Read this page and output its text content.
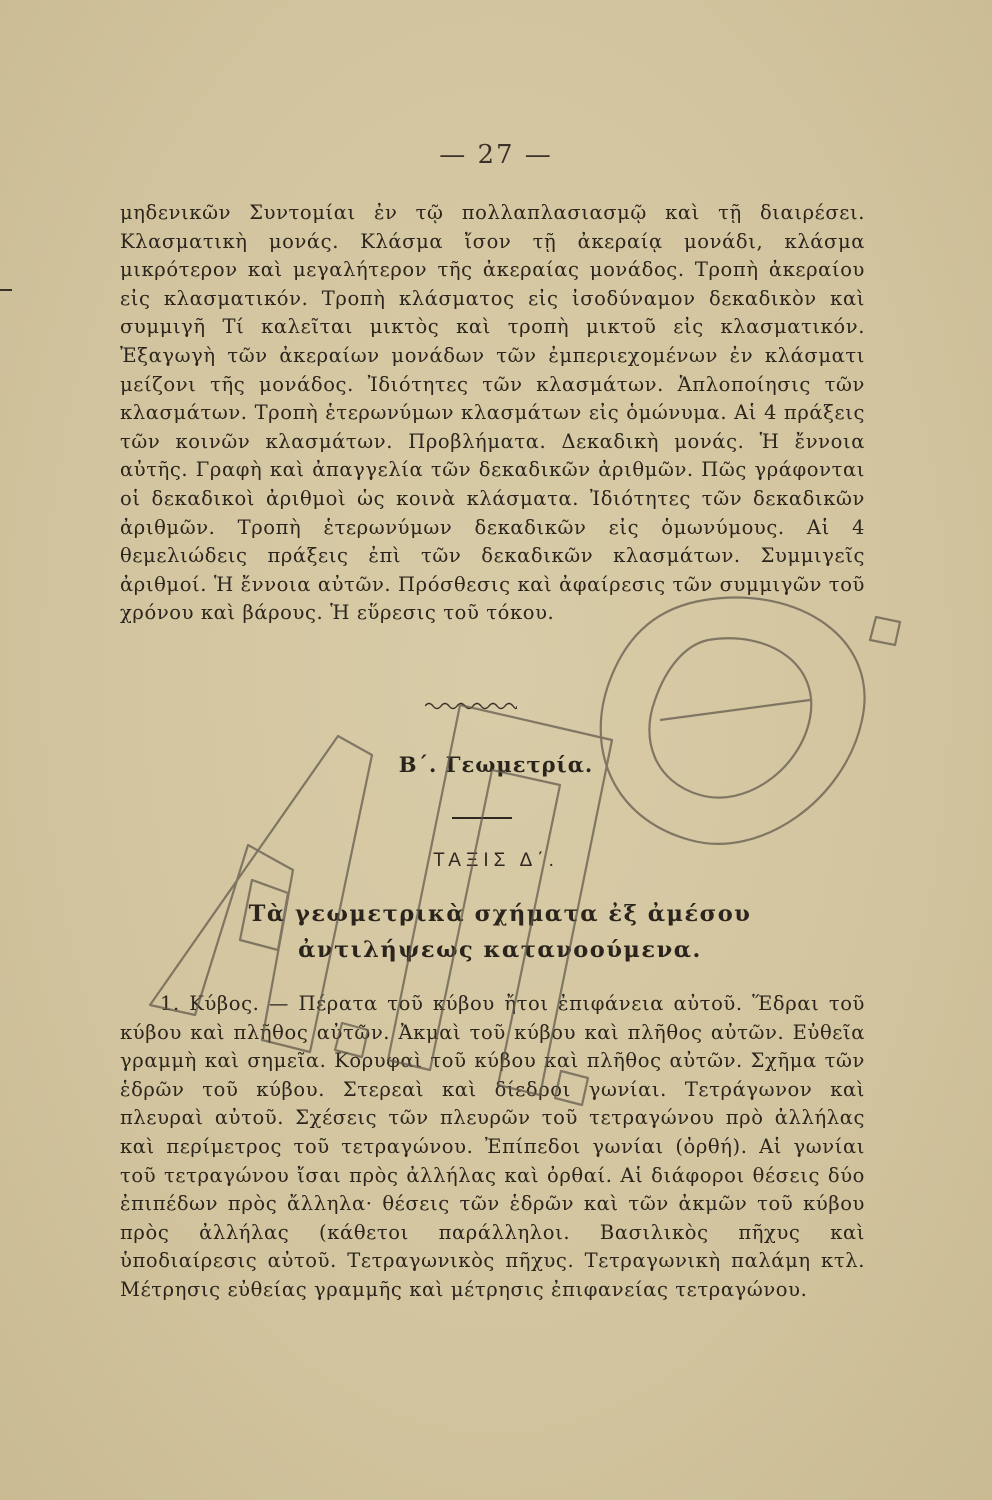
— 27 —
μηδενικῶν Συντομίαι ἐν τῷ πολλαπλασιασμῷ καὶ τῇ διαιρέσει. Κλασματικὴ μονάς. Κλάσμα ἴσον τῇ ἀκεραίᾳ μονάδι, κλάσμα μικρότερον καὶ μεγαλήτερον τῆς ἀκεραίας μονάδος. Τροπὴ ἀκεραίου εἰς κλασματικόν. Τροπὴ κλάσματος εἰς ἰσοδύναμον δεκαδικὸν καὶ συμμιγῆ Τί καλεῖται μικτὸς καὶ τροπὴ μικτοῦ εἰς κλασματικόν. Ἐξαγωγὴ τῶν ἀκεραίων μονάδων τῶν ἐμπεριεχομένων ἐν κλάσματι μείζονι τῆς μονάδος. Ἰδιότητες τῶν κλασμάτων. Ἁπλοποίησις τῶν κλασμάτων. Τροπὴ ἑτερωνύμων κλασμάτων εἰς ὁμώνυμα. Αἱ 4 πράξεις τῶν κοινῶν κλασμάτων. Προβλήματα. Δεκαδικὴ μονάς. Ἡ ἔννοια αὐτῆς. Γραφὴ καὶ ἀπαγγελία τῶν δεκαδικῶν ἀριθμῶν. Πῶς γράφονται οἱ δεκαδικοὶ ἀριθμοὶ ὡς κοινὰ κλάσματα. Ἰδιότητες τῶν δεκαδικῶν ἀριθμῶν. Τροπὴ ἑτερωνύμων δεκαδικῶν εἰς ὁμωνύμους. Αἱ 4 θεμελιώδεις πράξεις ἐπὶ τῶν δεκαδικῶν κλασμάτων. Συμμιγεῖς ἀριθμοί. Ἡ ἔννοια αὐτῶν. Πρόσθεσις καὶ ἀφαίρεσις τῶν συμμιγῶν τοῦ χρόνου καὶ βάρους. Ἡ εὕρεσις τοῦ τόκου.
Β΄. Γεωμετρία.
ΤΑΞΙΣ Δ΄.
Τὰ γεωμετρικὰ σχήματα ἐξ ἀμέσου ἀντιλήψεως κατανοούμενα.
1. Κύβος. — Πέρατα τοῦ κύβου ἤτοι ἐπιφάνεια αὐτοῦ. Ἕδραι τοῦ κύβου καὶ πλῆθος αὐτῶν. Ἀκμαὶ τοῦ κύβου καὶ πλῆθος αὐτῶν. Εὐθεῖα γραμμὴ καὶ σημεῖα. Κορυφαὶ τοῦ κύβου καὶ πλῆθος αὐτῶν. Σχῆμα τῶν ἑδρῶν τοῦ κύβου. Στερεαὶ καὶ δίεδροι γωνίαι. Τετράγωνον καὶ πλευραὶ αὐτοῦ. Σχέσεις τῶν πλευρῶν τοῦ τετραγώνου πρὸ ἀλλήλας καὶ περίμετρος τοῦ τετραγώνου. Ἐπίπεδοι γωνίαι (ὀρθή). Αἱ γωνίαι τοῦ τετραγώνου ἴσαι πρὸς ἀλλήλας καὶ ὀρθαί. Αἱ διάφοροι θέσεις δύο ἐπιπέδων πρὸς ἄλληλα· θέσεις τῶν ἑδρῶν καὶ τῶν ἀκμῶν τοῦ κύβου πρὸς ἀλλήλας (κάθετοι παράλληλοι. Βασιλικὸς πῆχυς καὶ ὑποδιαίρεσις αὐτοῦ. Τετραγωνικὸς πῆχυς. Τετραγωνικὴ παλάμη κτλ. Μέτρησις εὐθείας γραμμῆς καὶ μέτρησις ἐπιφανείας τετραγώνου.
